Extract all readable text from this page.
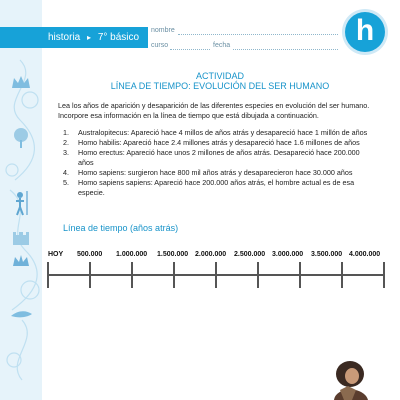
historia ▸ 7° básico
nombre
curso	fecha	h
ACTIVIDAD
LÍNEA DE TIEMPO: EVOLUCIÓN DEL SER HUMANO
Lea los años de aparición y desaparición de las diferentes especies en evolución del ser humano. Incorpore esa información en la línea de tiempo que está dibujada a continuación.
1. Australopitecus: Apareció hace 4 millos de años atrás y desapareció hace 1 millón de años
2. Homo habilis: Apareció hace 2.4 millones atrás y desapareció hace 1.6 millones de años
3. Homo erectus: Apareció hace unos 2 millones de años atrás. Desapareció hace 200.000 años
4. Homo sapiens: surgieron hace 800 mil años atrás y desaparecieron hace 30.000 años
5. Homo sapiens sapiens: Apareció hace 200.000 años atrás, el hombre actual es de esa especie.
Línea de tiempo (años atrás)
HOY 500.000 1.000.000 1.500.000 2.000.000 2.500.000 3.000.000 3.500.000 4.000.000
